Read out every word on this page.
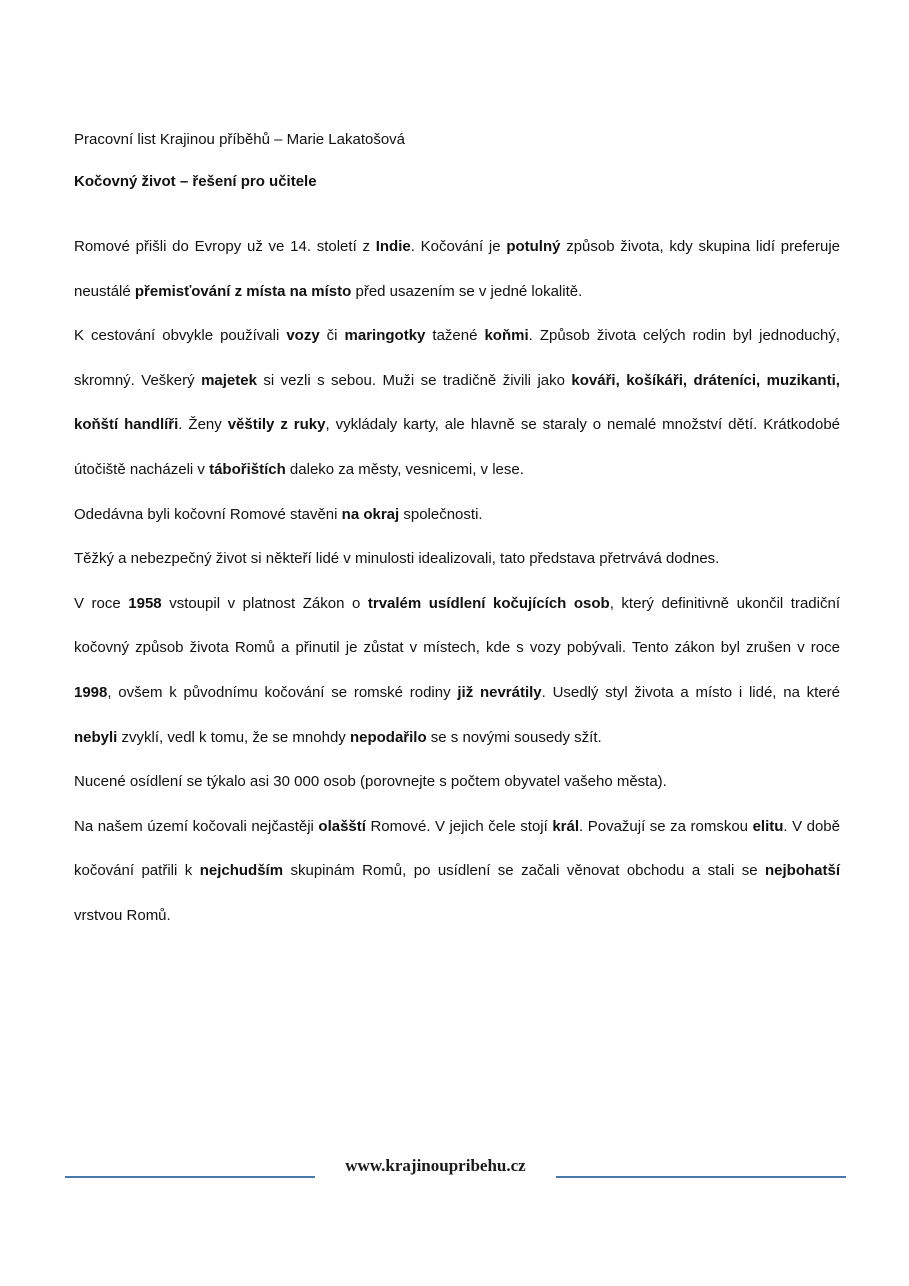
Pracovní list Krajinou příběhů – Marie Lakatošová

Kočovný život – řešení pro učitele

Romové přišli do Evropy už ve 14. století z Indie. Kočování je potulný způsob života, kdy skupina lidí preferuje neustálé přemisťování z místa na místo před usazením se v jedné lokalitě.

K cestování obvykle používali vozy či maringotky tažené koňmi. Způsob života celých rodin byl jednoduchý, skromný. Veškerý majetek si vezli s sebou. Muži se tradičně živili jako kováři, košíkáři, dráteníci, muzikanti, koňští handlíři. Ženy věštily z ruky, vykládaly karty, ale hlavně se staraly o nemalé množství dětí. Krátkodobé útočiště nacházeli v tábořištích daleko za městy, vesnicemi, v lese.

Odedávna byli kočovní Romové stavěni na okraj společnosti.

Těžký a nebezpečný život si někteří lidé v minulosti idealizovali, tato představa přetrvává dodnes.

V roce 1958 vstoupil v platnost Zákon o trvalém usídlení kočujících osob, který definitivně ukončil tradiční kočovný způsob života Romů a přinutil je zůstat v místech, kde s vozy pobývali. Tento zákon byl zrušen v roce 1998, ovšem k původnímu kočování se romské rodiny již nevrátily. Usedlý styl života a místo i lidé, na které nebyli zvyklí, vedl k tomu, že se mnohdy nepodařilo se s novými sousedy sžít.

Nucené osídlení se týkalo asi 30 000 osob (porovnejte s počtem obyvatel vašeho města).

Na našem území kočovali nejčastěji olašští Romové. V jejich čele stojí král. Považují se za romskou elitu. V době kočování patřili k nejchudším skupinám Romů, po usídlení se začali věnovat obchodu a stali se nejbohatší vrstvou Romů.

www.krajinoupribehu.cz
